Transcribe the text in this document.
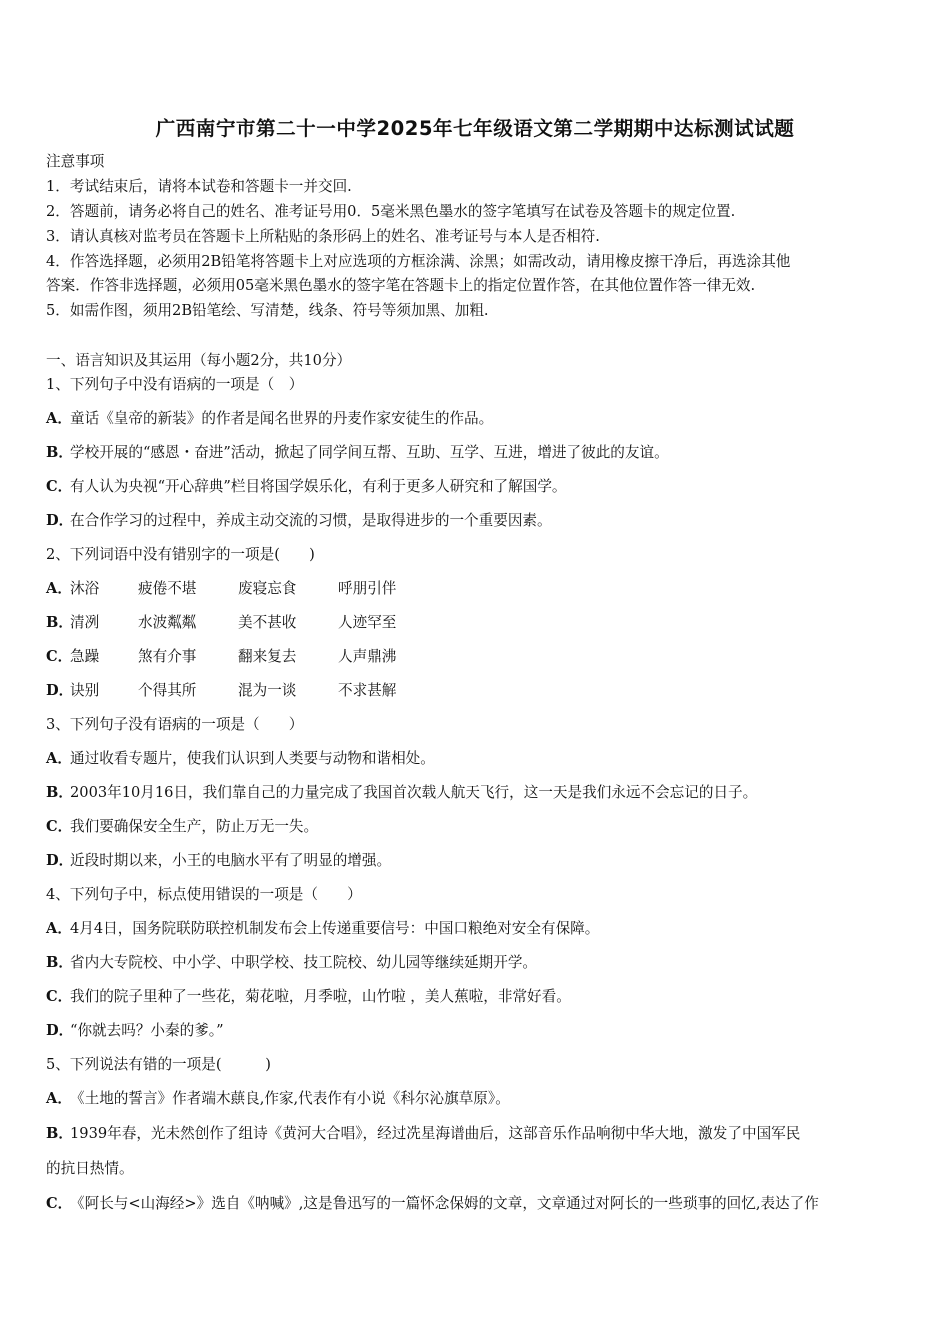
广西南宁市第二十一中学2025年七年级语文第二学期期中达标测试试题
注意事项
1．考试结束后，请将本试卷和答题卡一并交回.
2．答题前，请务必将自己的姓名、准考证号用0．5毫米黑色墨水的签字笔填写在试卷及答题卡的规定位置.
3．请认真核对监考员在答题卡上所粘贴的条形码上的姓名、准考证号与本人是否相符.
4．作答选择题，必须用2B铅笔将答题卡上对应选项的方框涂满、涂黑；如需改动，请用橡皮擦干净后，再选涂其他
答案．作答非选择题，必须用05毫米黑色墨水的签字笔在答题卡上的指定位置作答，在其他位置作答一律无效.
5．如需作图，须用2B铅笔绘、写清楚，线条、符号等须加黑、加粗.
一、语言知识及其运用（每小题2分，共10分）
1、下列句子中没有语病的一项是（　）
A．童话《皇帝的新装》的作者是闻名世界的丹麦作家安徒生的作品。
B．学校开展的“感恩・奋进”活动，掀起了同学间互帮、互助、互学、互进，增进了彼此的友谊。
C．有人认为央视“开心辞典”栏目将国学娱乐化，有利于更多人研究和了解国学。
D．在合作学习的过程中，养成主动交流的习惯，是取得进步的一个重要因素。
2、下列词语中没有错别字的一项是(　　)
A．沐浴	疲倦不堪	废寝忘食	呼朋引伴
B．清冽	水波粼粼	美不甚收	人迹罕至
C．急躁	煞有介事	翻来复去	人声鼎沸
D．诀别	个得其所	混为一谈	不求甚解
3、下列句子没有语病的一项是（　　）
A．通过收看专题片，使我们认识到人类要与动物和谐相处。
B．2003年10月16日，我们靠自己的力量完成了我国首次载人航天飞行，这一天是我们永远不会忘记的日子。
C．我们要确保安全生产，防止万无一失。
D．近段时期以来，小王的电脑水平有了明显的增强。
4、下列句子中，标点使用错误的一项是（　　）
A．4月4日，国务院联防联控机制发布会上传递重要信号：中国口粮绝对安全有保障。
B．省内大专院校、中小学、中职学校、技工院校、幼儿园等继续延期开学。
C．我们的院子里种了一些花，菊花啦，月季啦，山竹啦 ，美人蕉啦，非常好看。
D．“你就去吗？小秦的爹。”
5、下列说法有错的一项是(　　　)
A．《土地的誓言》作者端木蕻良,作家,代表作有小说《科尔沁旗草原》。
B．1939年春，光未然创作了组诗《黄河大合唱》，经过冼星海谱曲后，这部音乐作品响彻中华大地，激发了中国军民
的抗日热情。
C．《阿长与<山海经>》选自《呐喊》,这是鲁迅写的一篇怀念保姆的文章，文章通过对阿长的一些琐事的回忆,表达了作
